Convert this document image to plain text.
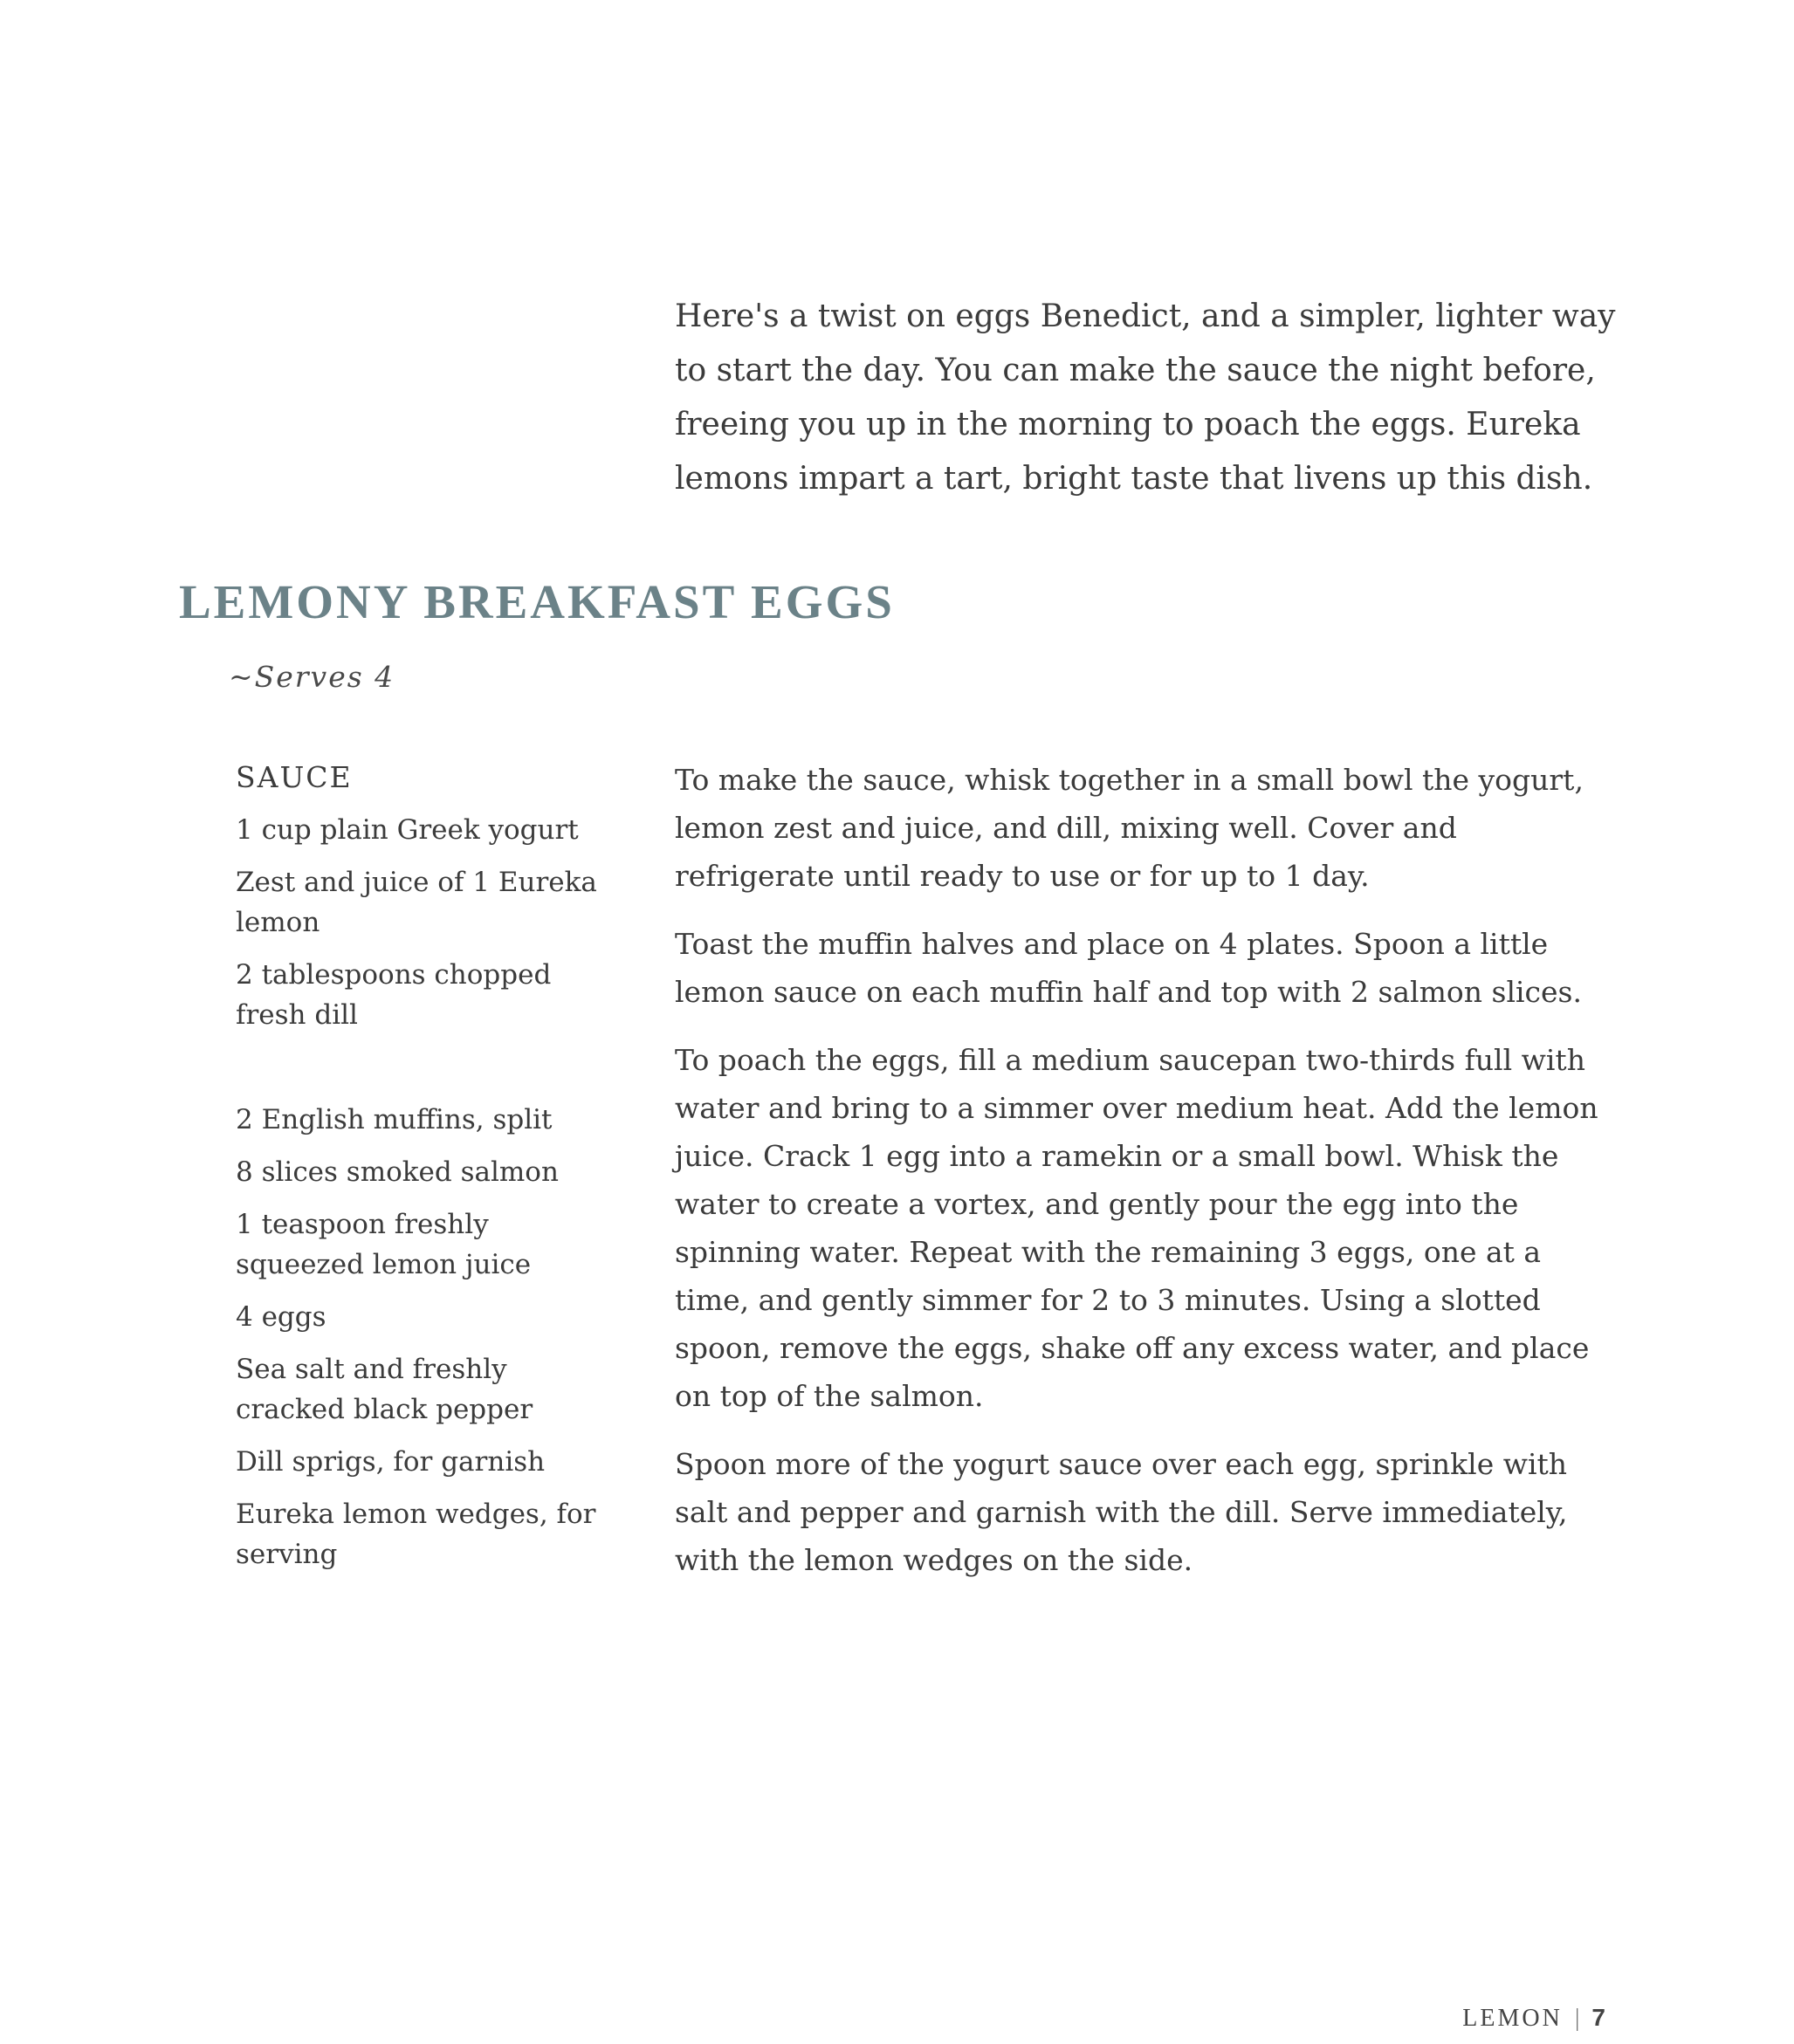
Here's a twist on eggs Benedict, and a simpler, lighter way to start the day. You can make the sauce the night before, freeing you up in the morning to poach the eggs. Eureka lemons impart a tart, bright taste that livens up this dish.

LEMONY BREAKFAST EGGS

~Serves 4

SAUCE
1 cup plain Greek yogurt
Zest and juice of 1 Eureka lemon
2 tablespoons chopped fresh dill
2 English muffins, split
8 slices smoked salmon
1 teaspoon freshly squeezed lemon juice
4 eggs
Sea salt and freshly cracked black pepper
Dill sprigs, for garnish
Eureka lemon wedges, for serving

To make the sauce, whisk together in a small bowl the yogurt, lemon zest and juice, and dill, mixing well. Cover and refrigerate until ready to use or for up to 1 day.

Toast the muffin halves and place on 4 plates. Spoon a little lemon sauce on each muffin half and top with 2 salmon slices.

To poach the eggs, fill a medium saucepan two-thirds full with water and bring to a simmer over medium heat. Add the lemon juice. Crack 1 egg into a ramekin or a small bowl. Whisk the water to create a vortex, and gently pour the egg into the spinning water. Repeat with the remaining 3 eggs, one at a time, and gently simmer for 2 to 3 minutes. Using a slotted spoon, remove the eggs, shake off any excess water, and place on top of the salmon.

Spoon more of the yogurt sauce over each egg, sprinkle with salt and pepper and garnish with the dill. Serve immediately, with the lemon wedges on the side.

LEMON | 7
